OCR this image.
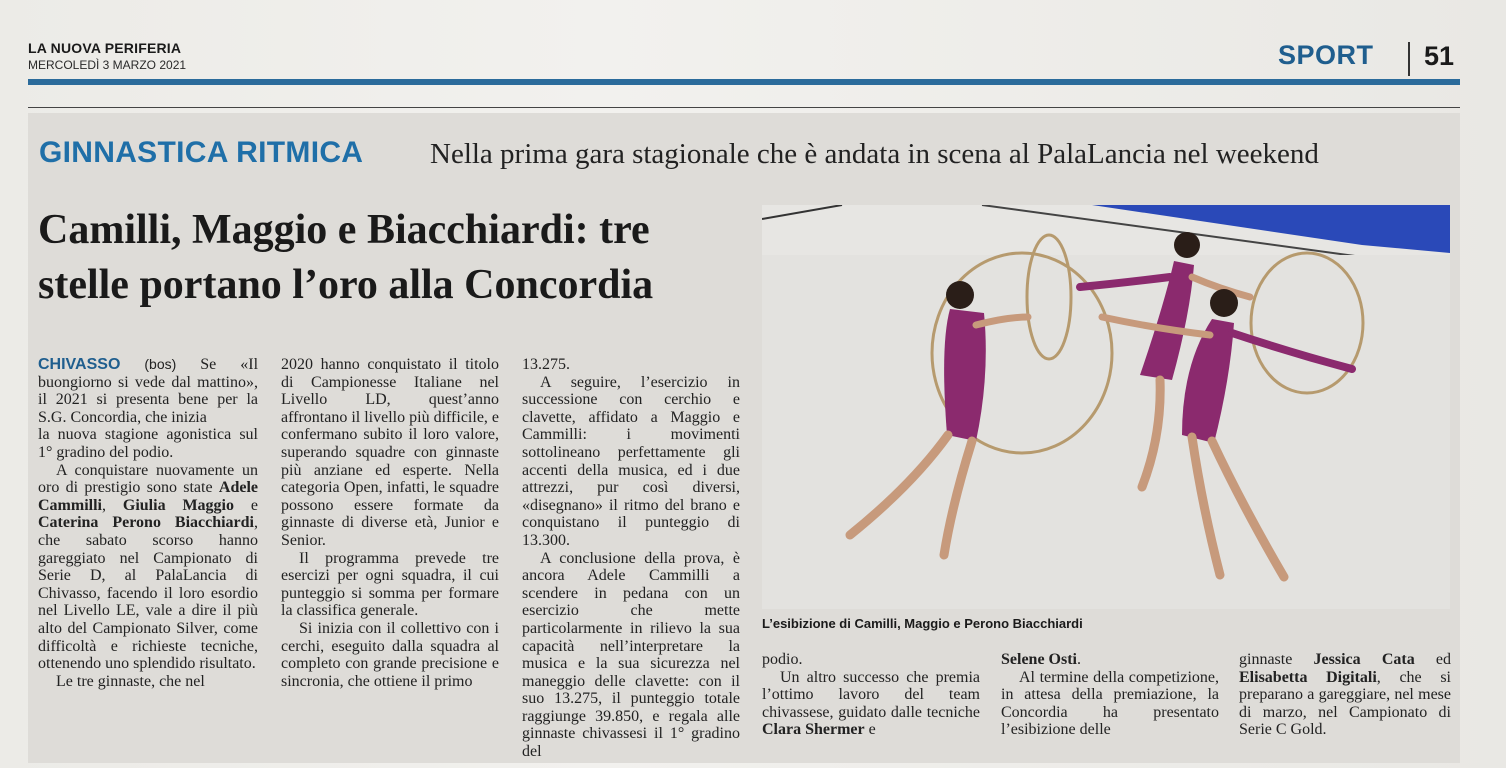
LA NUOVA PERIFERIA
MERCOLEDÌ 3 MARZO 2021	SPORT 51
GINNASTICA RITMICA Nella prima gara stagionale che è andata in scena al PalaLancia nel weekend
Camilli, Maggio e Biacchiardi: tre
stelle portano l’oro alla Concordia
L’esibizione di Camilli, Maggio e Perono Biacchiardi

CHIVASSO (bos) Se «Il buongiorno si vede dal mattino», il 2021 si presenta bene per la S.G. Concordia, che inizia

la nuova stagione agonistica sul 1° gradino del podio.

A conquistare nuovamente un oro di prestigio sono state Adele Cammilli, Giulia Maggio e Caterina Perono Biacchiardi, che sabato scorso hanno gareggiato nel Campionato di Serie D, al PalaLancia di Chivasso, facendo il loro esordio nel Livello LE, vale a dire il più alto del Campionato Silver, come difficoltà e richieste tecniche, ottenendo uno splendido risultato.

Le tre ginnaste, che nel

2020 hanno conquistato il titolo di Campionesse Italiane nel Livello LD, quest’anno affrontano il livello più difficile, e confermano subito il loro valore, superando squadre con ginnaste più anziane ed esperte. Nella categoria Open, infatti, le squadre possono essere formate da ginnaste di diverse età, Junior e Senior.

Il programma prevede tre esercizi per ogni squadra, il cui punteggio si somma per formare la classifica generale.

Si inizia con il collettivo con i cerchi, eseguito dalla squadra al completo con grande precisione e sincronia, che ottiene il primo

13.275.

A seguire, l’esercizio in successione con cerchio e clavette, affidato a Maggio e Cammilli: i movimenti sottolineano perfettamente gli accenti della musica, ed i due attrezzi, pur così diversi, «disegnano» il ritmo del brano e conquistano il punteggio di 13.300.

A conclusione della prova, è ancora Adele Cammilli a scendere in pedana con un esercizio che mette particolarmente in rilievo la sua capacità nell’interpretare la musica e la sua sicurezza nel maneggio delle clavette: con il suo 13.275, il punteggio totale raggiunge 39.850, e regala alle ginnaste chivassesi il 1° gradino del

podio.

Un altro successo che premia l’ottimo lavoro del team chivassese, guidato dalle tecniche Clara Shermer e

Selene Osti.

Al termine della competizione, in attesa della premiazione, la Concordia ha presentato l’esibizione delle

ginnaste Jessica Cata ed Elisabetta Digitali, che si preparano a gareggiare, nel mese di marzo, nel Campionato di Serie C Gold.
